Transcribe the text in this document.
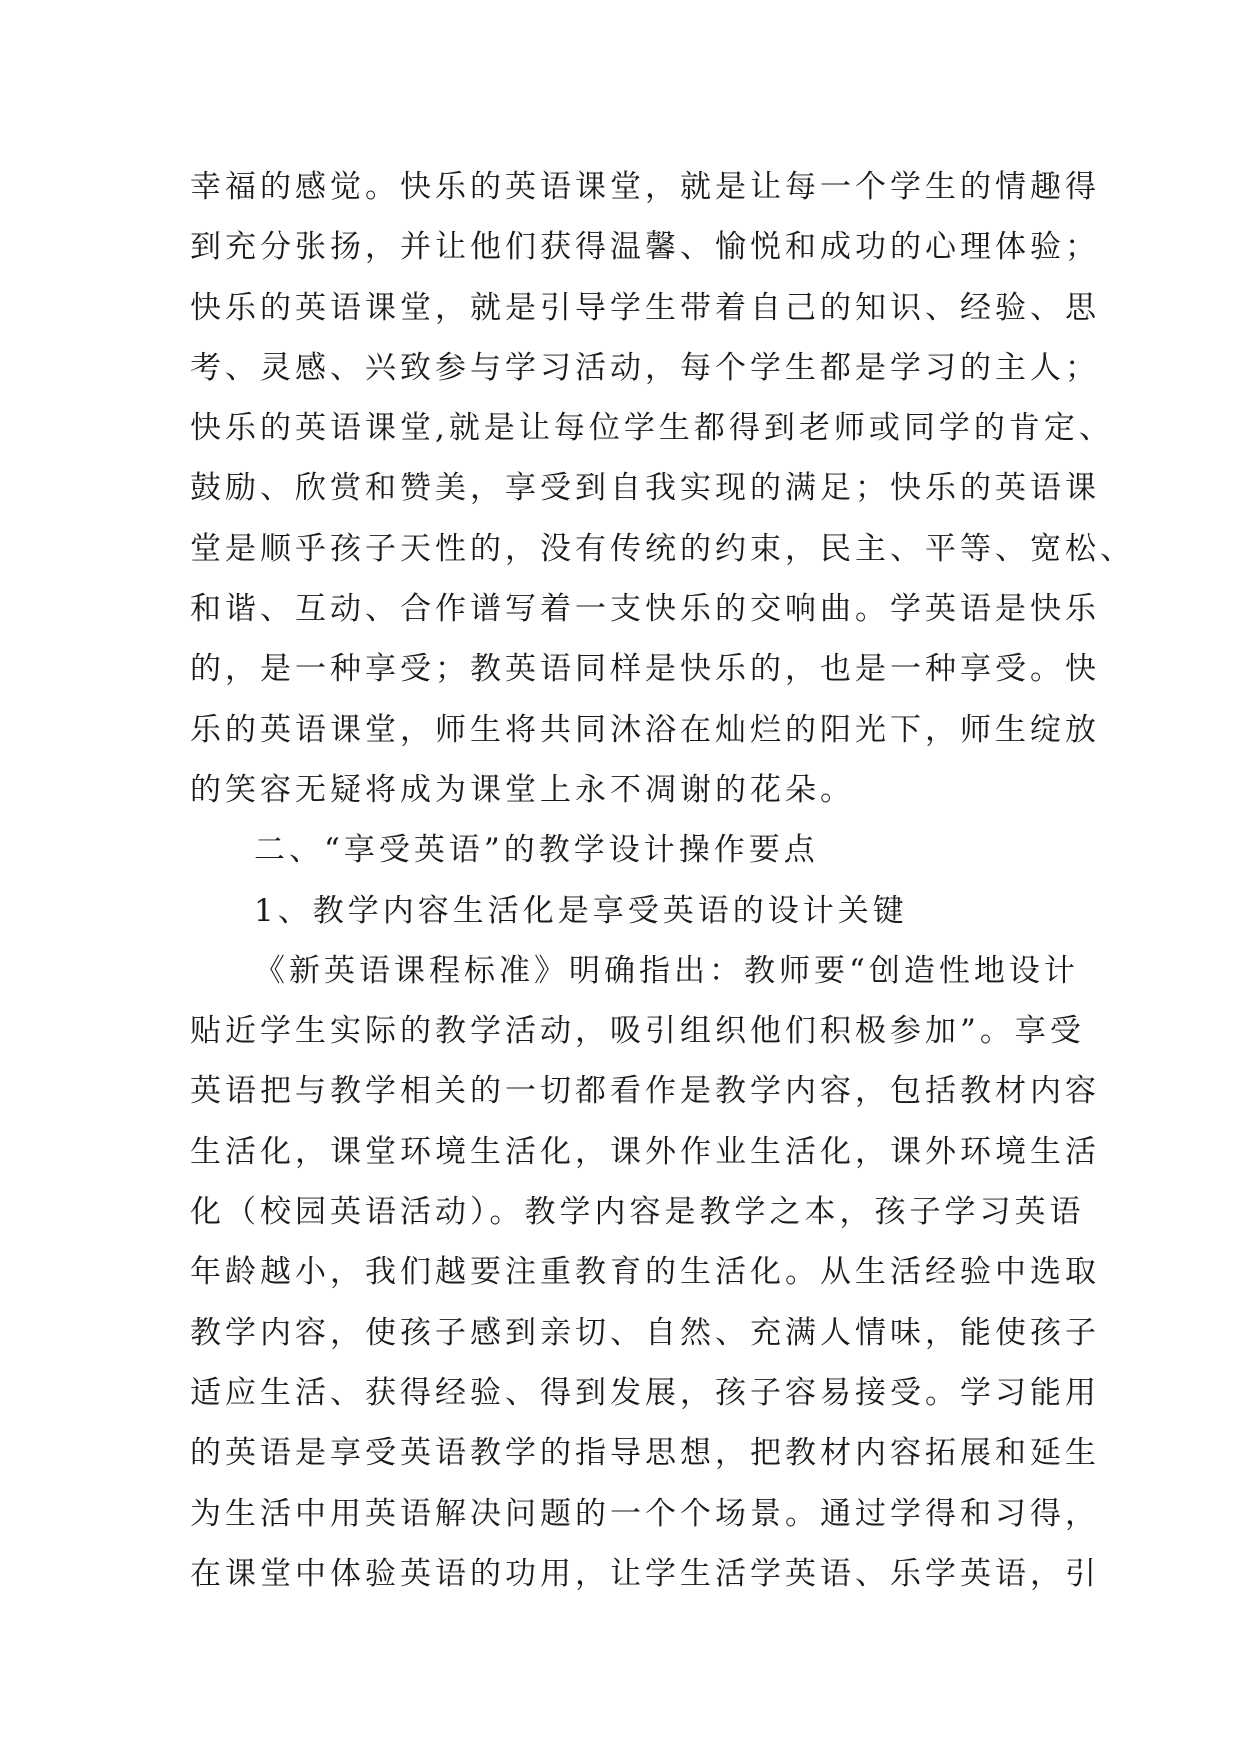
幸福的感觉。快乐的英语课堂，就是让每一个学生的情趣得
到充分张扬，并让他们获得温馨、愉悦和成功的心理体验；
快乐的英语课堂，就是引导学生带着自己的知识、经验、思
考、灵感、兴致参与学习活动，每个学生都是学习的主人；
快乐的英语课堂,就是让每位学生都得到老师或同学的肯定、
鼓励、欣赏和赞美，享受到自我实现的满足；快乐的英语课
堂是顺乎孩子天性的，没有传统的约束，民主、平等、宽松、
和谐、互动、合作谱写着一支快乐的交响曲。学英语是快乐
的，是一种享受；教英语同样是快乐的，也是一种享受。快
乐的英语课堂，师生将共同沐浴在灿烂的阳光下，师生绽放
的笑容无疑将成为课堂上永不凋谢的花朵。
二、“享受英语”的教学设计操作要点
1、教学内容生活化是享受英语的设计关键
《新英语课程标准》明确指出：教师要“创造性地设计
贴近学生实际的教学活动，吸引组织他们积极参加”。享受
英语把与教学相关的一切都看作是教学内容，包括教材内容
生活化，课堂环境生活化，课外作业生活化，课外环境生活
化（校园英语活动）。教学内容是教学之本，孩子学习英语
年龄越小，我们越要注重教育的生活化。从生活经验中选取
教学内容，使孩子感到亲切、自然、充满人情味，能使孩子
适应生活、获得经验、得到发展，孩子容易接受。学习能用
的英语是享受英语教学的指导思想，把教材内容拓展和延生
为生活中用英语解决问题的一个个场景。通过学得和习得，
在课堂中体验英语的功用，让学生活学英语、乐学英语，引
